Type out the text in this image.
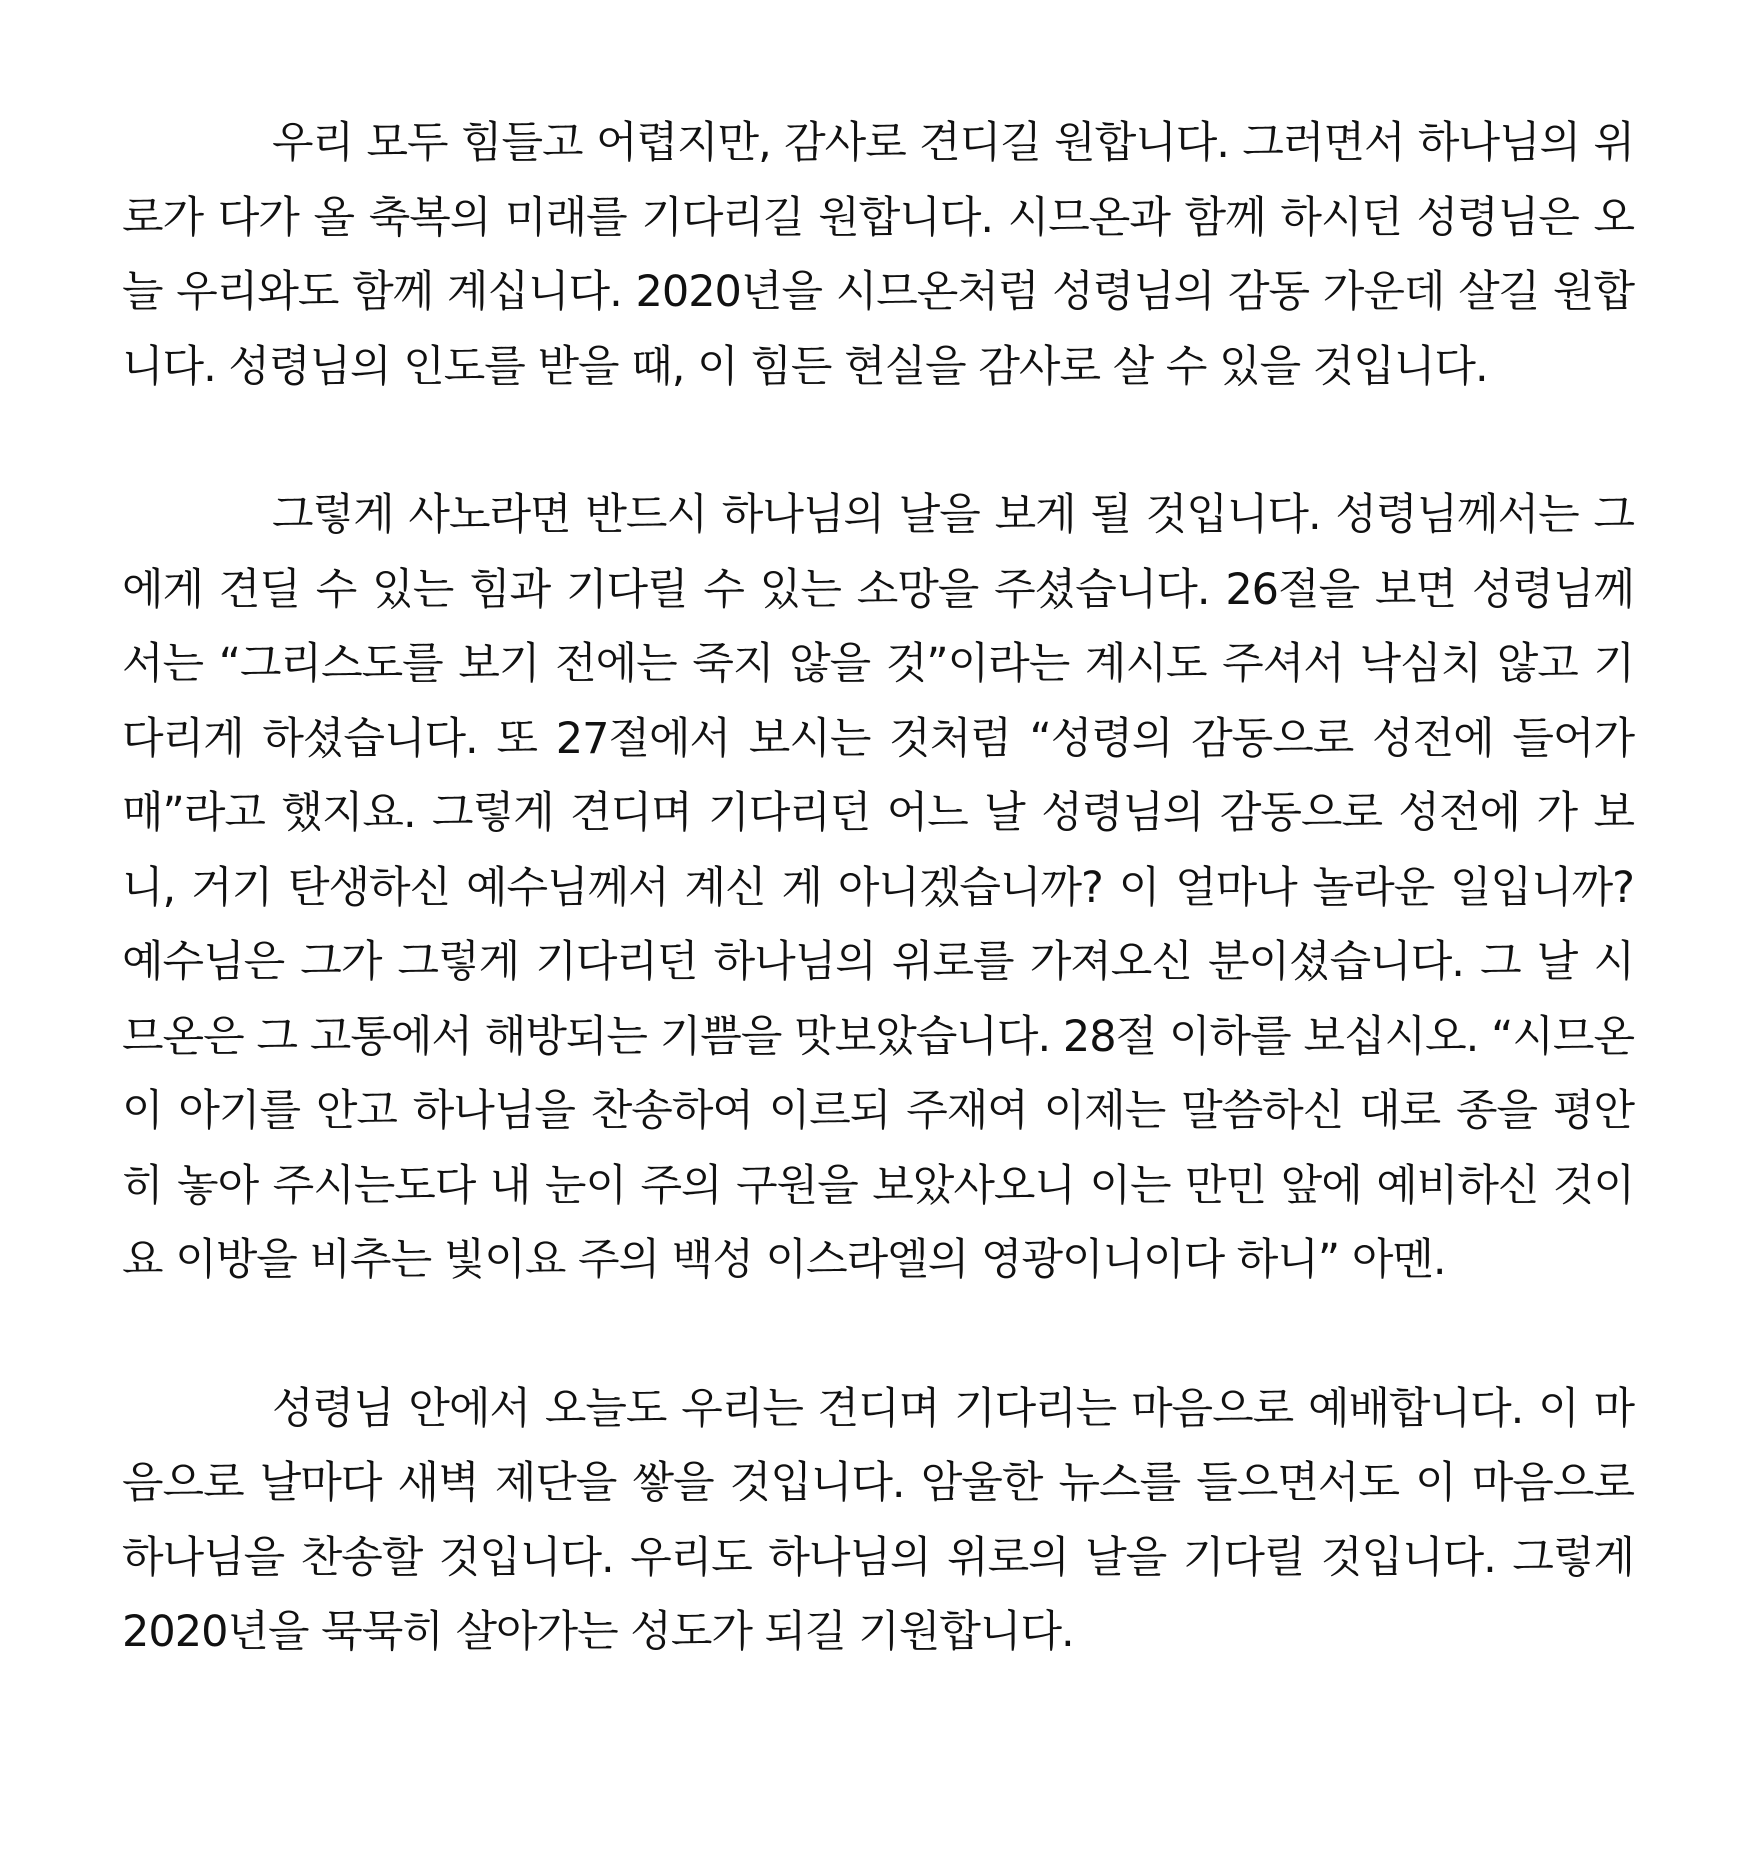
우리 모두 힘들고 어렵지만, 감사로 견디길 원합니다. 그러면서 하나님의 위로가 다가 올 축복의 미래를 기다리길 원합니다. 시므온과 함께 하시던 성령님은 오늘 우리와도 함께 계십니다. 2020년을 시므온처럼 성령님의 감동 가운데 살길 원합니다. 성령님의 인도를 받을 때, 이 힘든 현실을 감사로 살 수 있을 것입니다.

그렇게 사노라면 반드시 하나님의 날을 보게 될 것입니다. 성령님께서는 그에게 견딜 수 있는 힘과 기다릴 수 있는 소망을 주셨습니다. 26절을 보면 성령님께서는 “그리스도를 보기 전에는 죽지 않을 것”이라는 계시도 주셔서 낙심치 않고 기다리게 하셨습니다. 또 27절에서 보시는 것처럼 “성령의 감동으로 성전에 들어가매”라고 했지요. 그렇게 견디며 기다리던 어느 날 성령님의 감동으로 성전에 가 보니, 거기 탄생하신 예수님께서 계신 게 아니겠습니까? 이 얼마나 놀라운 일입니까? 예수님은 그가 그렇게 기다리던 하나님의 위로를 가져오신 분이셨습니다. 그 날 시므온은 그 고통에서 해방되는 기쁨을 맛보았습니다. 28절 이하를 보십시오. “시므온이 아기를 안고 하나님을 찬송하여 이르되 주재여 이제는 말씀하신 대로 종을 평안히 놓아 주시는도다 내 눈이 주의 구원을 보았사오니 이는 만민 앞에 예비하신 것이요 이방을 비추는 빛이요 주의 백성 이스라엘의 영광이니이다 하니” 아멘.

성령님 안에서 오늘도 우리는 견디며 기다리는 마음으로 예배합니다. 이 마음으로 날마다 새벽 제단을 쌓을 것입니다. 암울한 뉴스를 들으면서도 이 마음으로 하나님을 찬송할 것입니다. 우리도 하나님의 위로의 날을 기다릴 것입니다. 그렇게 2020년을 묵묵히 살아가는 성도가 되길 기원합니다.
